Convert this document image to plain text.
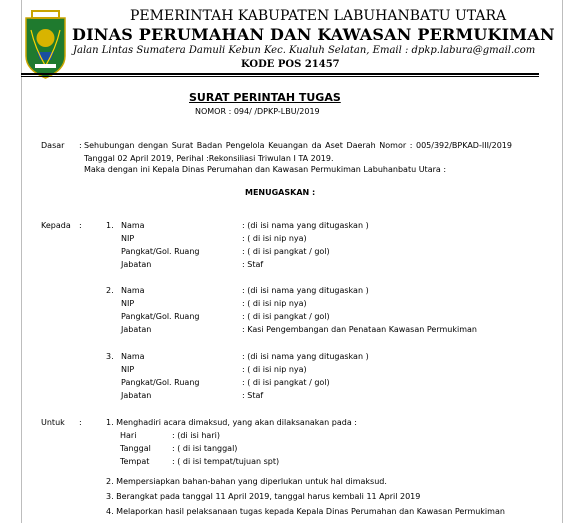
PEMERINTAH KABUPATEN LABUHANBATU UTARA
DINAS PERUMAHAN DAN KAWASAN PERMUKIMAN
Jalan Lintas Sumatera Damuli Kebun Kec. Kualuh Selatan, Email : dpkp.labura@gmail.com
KODE POS 21457
SURAT PERINTAH TUGAS
NOMOR : 094/ /DPKP-LBU/2019
Dasar : Sehubungan dengan Surat Badan Pengelola Keuangan da Aset Daerah Nomor : 005/392/BPKAD-III/2019 Tanggal 02 April 2019, Perihal :Rekonsiliasi Triwulan I TA 2019.
Maka dengan ini Kepala Dinas Perumahan dan Kawasan Permukiman Labuhanbatu Utara :
MENUGASKAN :
Kepada :	1. Nama	: (di isi nama yang ditugaskan )
NIP	: ( di isi nip nya)
Pangkat/Gol. Ruang	: ( di isi pangkat / gol)
Jabatan	: Staf
2. Nama	: (di isi nama yang ditugaskan )
NIP	: ( di isi nip nya)
Pangkat/Gol. Ruang	: ( di isi pangkat / gol)
Jabatan	: Kasi Pengembangan dan Penataan Kawasan Permukiman
3. Nama	: (di isi nama yang ditugaskan )
NIP	: ( di isi nip nya)
Pangkat/Gol. Ruang	: ( di isi pangkat / gol)
Jabatan	: Staf
Untuk :	1. Menghadiri acara dimaksud, yang akan dilaksanakan pada :
Hari	: (di isi hari)
Tanggal	: ( di isi tanggal)
Tempat	: ( di isi tempat/tujuan spt)
2. Mempersiapkan bahan-bahan yang diperlukan untuk hal dimaksud.
3. Berangkat pada tanggal 11 April 2019, tanggal harus kembali 11 April 2019
4. Melaporkan hasil pelaksanaan tugas kepada Kepala Dinas Perumahan dan Kawasan Permukiman
